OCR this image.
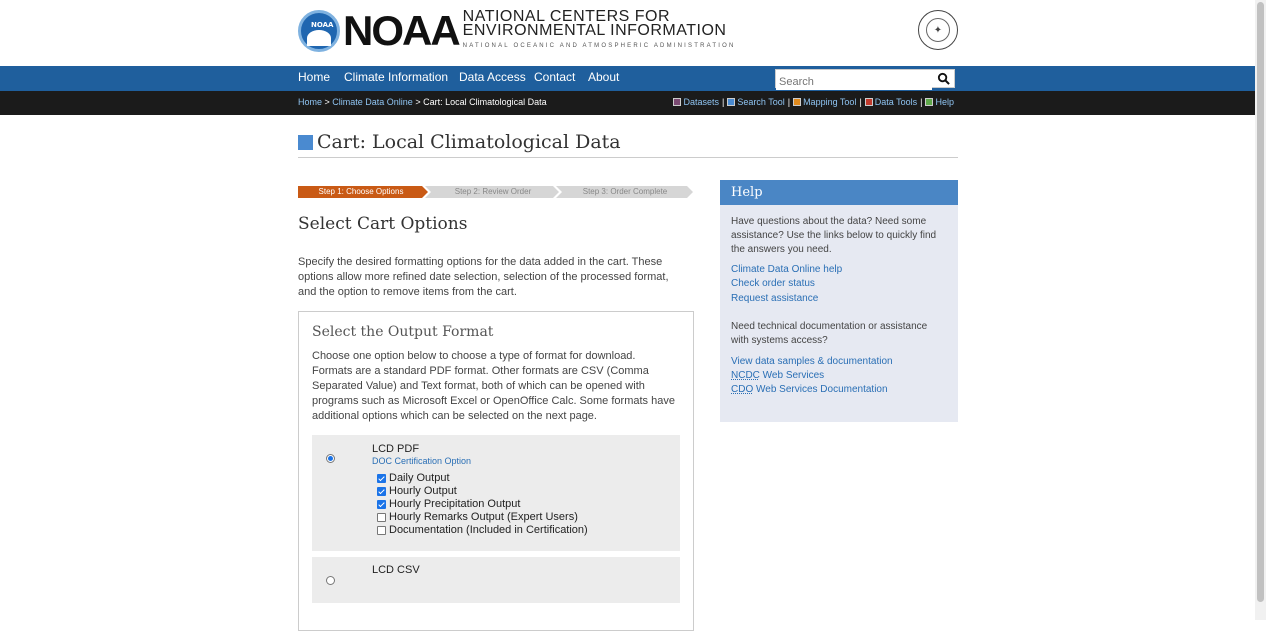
NOAA NOAA NATIONAL CENTERS FOR
ENVIRONMENTAL INFORMATION
NATIONAL OCEANIC AND ATMOSPHERIC ADMINISTRATION
✦
Home Climate Information Data Access Contact About
Search
Home > Climate Data Online > Cart: Local Climatological Data	Datasets | Search Tool | Mapping Tool | Data Tools | Help
Cart: Local Climatological Data
Step 1: Choose Options	Step 2: Review Order	Step 3: Order Complete
Select Cart Options
Specify the desired formatting options for the data added in the cart. These options allow more refined date selection, selection of the processed format, and the option to remove items from the cart.
Select the Output Format
Choose one option below to choose a type of format for download. Formats are a standard PDF format. Other formats are CSV (Comma Separated Value) and Text format, both of which can be opened with programs such as Microsoft Excel or OpenOffice Calc. Some formats have additional options which can be selected on the next page.
LCD PDF
DOC Certification Option
Daily Output
Hourly Output
Hourly Precipitation Output
Hourly Remarks Output (Expert Users)
Documentation (Included in Certification)
LCD CSV
Help
Have questions about the data? Need some assistance? Use the links below to quickly find the answers you need.
Climate Data Online help
Check order status
Request assistance
Need technical documentation or assistance with systems access?
View data samples & documentation
NCDC Web Services
CDO Web Services Documentation
